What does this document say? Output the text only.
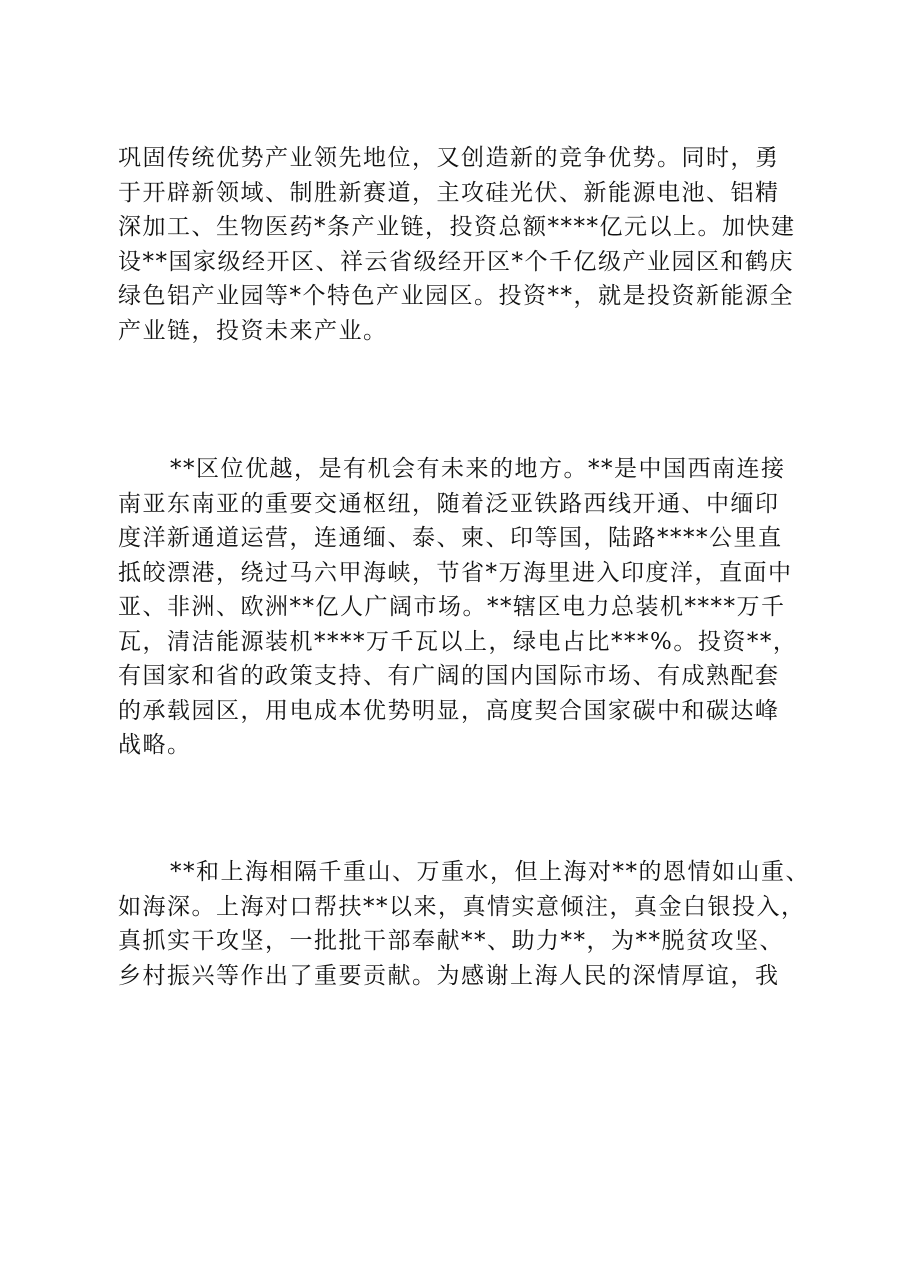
巩固传统优势产业领先地位，又创造新的竞争优势。同时，勇
于开辟新领域、制胜新赛道，主攻硅光伏、新能源电池、铝精
深加工、生物医药*条产业链，投资总额****亿元以上。加快建
设**国家级经开区、祥云省级经开区*个千亿级产业园区和鹤庆
绿色铝产业园等*个特色产业园区。投资**，就是投资新能源全
产业链，投资未来产业。
**区位优越，是有机会有未来的地方。**是中国西南连接
南亚东南亚的重要交通枢纽，随着泛亚铁路西线开通、中缅印
度洋新通道运营，连通缅、泰、柬、印等国，陆路****公里直
抵皎漂港，绕过马六甲海峡，节省*万海里进入印度洋，直面中
亚、非洲、欧洲**亿人广阔市场。**辖区电力总装机****万千
瓦，清洁能源装机****万千瓦以上，绿电占比***%。投资**，
有国家和省的政策支持、有广阔的国内国际市场、有成熟配套
的承载园区，用电成本优势明显，高度契合国家碳中和碳达峰
战略。
**和上海相隔千重山、万重水，但上海对**的恩情如山重、
如海深。上海对口帮扶**以来，真情实意倾注，真金白银投入，
真抓实干攻坚，一批批干部奉献**、助力**，为**脱贫攻坚、
乡村振兴等作出了重要贡献。为感谢上海人民的深情厚谊，我
